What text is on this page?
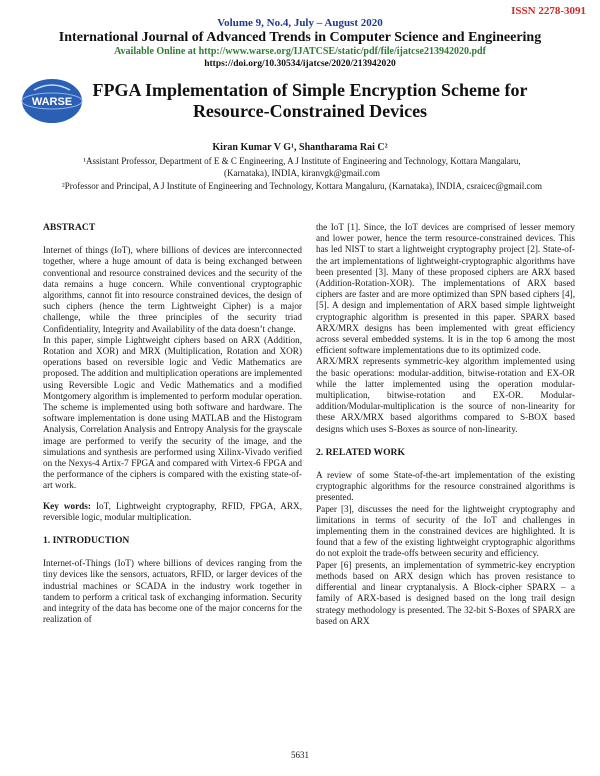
ISSN 2278-3091
Volume 9, No.4, July – August 2020
International Journal of Advanced Trends in Computer Science and Engineering
Available Online at http://www.warse.org/IJATCSE/static/pdf/file/ijatcse213942020.pdf
https://doi.org/10.30534/ijatcse/2020/213942020
WARSE
FPGA Implementation of Simple Encryption Scheme for Resource-Constrained Devices
Kiran Kumar V G¹, Shantharama Rai C²
¹Assistant Professor, Department of E & C Engineering, A J Institute of Engineering and Technology, Kottara Mangalaru, (Karnataka), INDIA, kiranvgk@gmail.com
²Professor and Principal, A J Institute of Engineering and Technology, Kottara Mangaluru, (Karnataka), INDIA, csraicec@gmail.com
ABSTRACT

Internet of things (IoT), where billions of devices are interconnected together, where a huge amount of data is being exchanged between conventional and resource constrained devices and the security of the data remains a huge concern. While conventional cryptographic algorithms, cannot fit into resource constrained devices, the design of such ciphers (hence the term Lightweight Cipher) is a major challenge, while the three principles of the security triad Confidentiality, Integrity and Availability of the data doesn’t change.

In this paper, simple Lightweight ciphers based on ARX (Addition, Rotation and XOR) and MRX (Multiplication, Rotation and XOR) operations based on reversible logic and Vedic Mathematics are proposed. The addition and multiplication operations are implemented using Reversible Logic and Vedic Mathematics and a modified Montgomery algorithm is implemented to perform modular operation. The scheme is implemented using both software and hardware. The software implementation is done using MATLAB and the Histogram Analysis, Correlation Analysis and Entropy Analysis for the grayscale image are performed to verify the security of the image, and the simulations and synthesis are performed using Xilinx-Vivado verified on the Nexys-4 Artix-7 FPGA and compared with Virtex-6 FPGA and the performance of the ciphers is compared with the existing state-of-art work.

Key words: IoT, Lightweight cryptography, RFID, FPGA, ARX, reversible logic, modular multiplication.

1. INTRODUCTION

Internet-of-Things (IoT) where billions of devices ranging from the tiny devices like the sensors, actuators, RFID, or larger devices of the industrial machines or SCADA in the industry work together in tandem to perform a critical task of exchanging information. Security and integrity of the data has become one of the major concerns for the realization of

the IoT [1]. Since, the IoT devices are comprised of lesser memory and lower power, hence the term resource-constrained devices. This has led NIST to start a lightweight cryptography project [2]. State-of-the art implementations of lightweight-cryptographic algorithms have been presented [3]. Many of these proposed ciphers are ARX based (Addition-Rotation-XOR). The implementations of ARX based ciphers are faster and are more optimized than SPN based ciphers [4], [5]. A design and implementation of ARX based simple lightweight cryptographic algorithm is presented in this paper. SPARX based ARX/MRX designs has been implemented with great efficiency across several embedded systems. It is in the top 6 among the most efficient software implementations due to its optimized code.

ARX/MRX represents symmetric-key algorithm implemented using the basic operations: modular-addition, bitwise-rotation and EX-OR while the latter implemented using the operation modular-multiplication, bitwise-rotation and EX-OR. Modular-addition/Modular-multiplication is the source of non-linearity for these ARX/MRX based algorithms compared to S-BOX based designs which uses S-Boxes as source of non-linearity.

2. RELATED WORK

A review of some State-of-the-art implementation of the existing cryptographic algorithms for the resource constrained algorithms is presented.

Paper [3], discusses the need for the lightweight cryptography and limitations in terms of security of the IoT and challenges in implementing them in the constrained devices are highlighted. It is found that a few of the existing lightweight cryptographic algorithms do not exploit the trade-offs between security and efficiency.

Paper [6] presents, an implementation of symmetric-key encryption methods based on ARX design which has proven resistance to differential and linear cryptanalysis. A Block-cipher SPARX – a family of ARX-based is designed based on the long trail design strategy methodology is presented. The 32-bit S-Boxes of SPARX are based on ARX

5631
